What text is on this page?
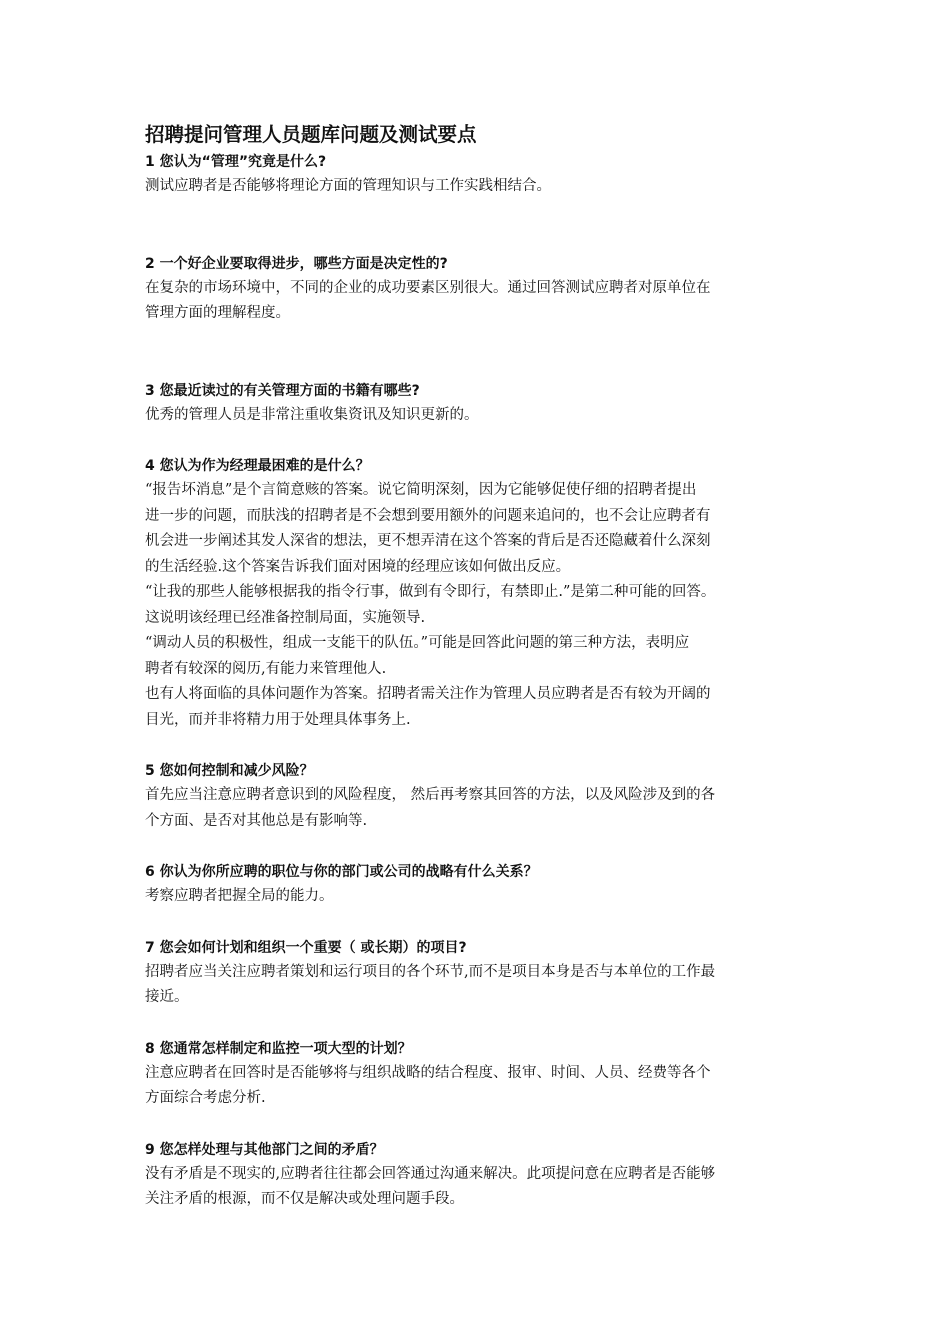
招聘提问管理人员题库问题及测试要点

1 您认为“管理”究竟是什么?

测试应聘者是否能够将理论方面的管理知识与工作实践相结合。

2 一个好企业要取得进步，哪些方面是决定性的?

在复杂的市场环境中，不同的企业的成功要素区别很大。通过回答测试应聘者对原单位在

管理方面的理解程度。

3 您最近读过的有关管理方面的书籍有哪些?

优秀的管理人员是非常注重收集资讯及知识更新的。

4 您认为作为经理最困难的是什么？

“报告坏消息”是个言简意赅的答案。说它简明深刻，因为它能够促使仔细的招聘者提出

进一步的问题，而肤浅的招聘者是不会想到要用额外的问题来追问的，也不会让应聘者有

机会进一步阐述其发人深省的想法，更不想弄清在这个答案的背后是否还隐藏着什么深刻

的生活经验.这个答案告诉我们面对困境的经理应该如何做出反应。

“让我的那些人能够根据我的指令行事，做到有令即行，有禁即止.”是第二种可能的回答。

这说明该经理已经准备控制局面，实施领导.

“调动人员的积极性，组成一支能干的队伍。”可能是回答此问题的第三种方法，表明应

聘者有较深的阅历,有能力来管理他人.

也有人将面临的具体问题作为答案。招聘者需关注作为管理人员应聘者是否有较为开阔的

目光，而并非将精力用于处理具体事务上.

5 您如何控制和减少风险？

首先应当注意应聘者意识到的风险程度， 然后再考察其回答的方法，以及风险涉及到的各

个方面、是否对其他总是有影响等.

6 你认为你所应聘的职位与你的部门或公司的战略有什么关系？

考察应聘者把握全局的能力。

7 您会如何计划和组织一个重要（ 或长期）的项目?

招聘者应当关注应聘者策划和运行项目的各个环节,而不是项目本身是否与本单位的工作最

接近。

8 您通常怎样制定和监控一项大型的计划？

注意应聘者在回答时是否能够将与组织战略的结合程度、报审、时间、人员、经费等各个

方面综合考虑分析.

9 您怎样处理与其他部门之间的矛盾？

没有矛盾是不现实的,应聘者往往都会回答通过沟通来解决。此项提问意在应聘者是否能够

关注矛盾的根源，而不仅是解决或处理问题手段。
